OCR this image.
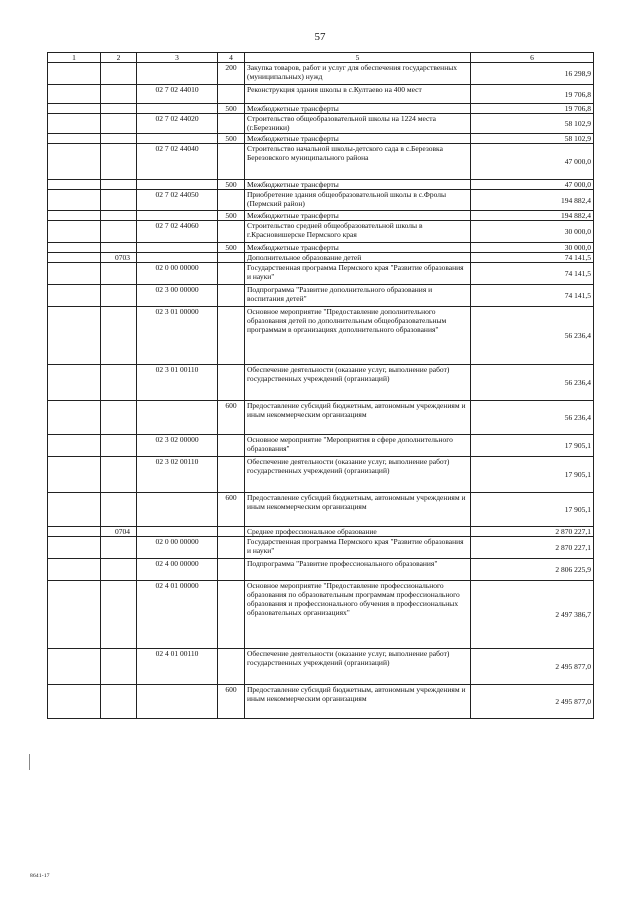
57
1	2	3	4	5	6
			200	Закупка товаров, работ и услуг для обеспечения государственных (муниципальных) нужд	16 298,9
		02 7 02 44010		Реконструкция здания школы в с.Култаево на 400 мест	19 706,8
			500	Межбюджетные трансферты	19 706,8
		02 7 02 44020		Строительство общеобразовательной школы на 1224 места (г.Березники)	58 102,9
			500	Межбюджетные трансферты	58 102,9
		02 7 02 44040		Строительство начальной школы-детского сада в с.Березовка Березовского муниципального района	47 000,0
			500	Межбюджетные трансферты	47 000,0
		02 7 02 44050		Приобретение здания общеобразовательной школы в с.Фролы (Пермский район)	194 882,4
			500	Межбюджетные трансферты	194 882,4
		02 7 02 44060		Строительство средней общеобразовательной школы в г.Красновишерске Пермского края	30 000,0
			500	Межбюджетные трансферты	30 000,0
	0703			Дополнительное образование детей	74 141,5
		02 0 00 00000		Государственная программа Пермского края "Развитие образования и науки"	74 141,5
		02 3 00 00000		Подпрограмма "Развитие дополнительного образования и воспитания детей"	74 141,5
		02 3 01 00000		Основное мероприятие "Предоставление дополнительного образования детей по дополнительным общеобразовательным программам в организациях дополнительного образования"	56 236,4
		02 3 01 00110		Обеспечение деятельности (оказание услуг, выполнение работ) государственных учреждений (организаций)	56 236,4
			600	Предоставление субсидий бюджетным, автономным учреждениям и иным некоммерческим организациям	56 236,4
		02 3 02 00000		Основное мероприятие "Мероприятия в сфере дополнительного образования"	17 905,1
		02 3 02 00110		Обеспечение деятельности (оказание услуг, выполнение работ) государственных учреждений (организаций)	17 905,1
			600	Предоставление субсидий бюджетным, автономным учреждениям и иным некоммерческим организациям	17 905,1
	0704			Среднее профессиональное образование	2 870 227,1
		02 0 00 00000		Государственная программа Пермского края "Развитие образования и науки"	2 870 227,1
		02 4 00 00000		Подпрограмма "Развитие профессионального образования"	2 806 225,9
		02 4 01 00000		Основное мероприятие "Предоставление профессионального образования по образовательным программам профессионального образования и профессионального обучения в профессиональных образовательных организациях"	2 497 386,7
		02 4 01 00110		Обеспечение деятельности (оказание услуг, выполнение работ) государственных учреждений (организаций)	2 495 877,0
			600	Предоставление субсидий бюджетным, автономным учреждениям и иным некоммерческим организациям	2 495 877,0
8641-17
